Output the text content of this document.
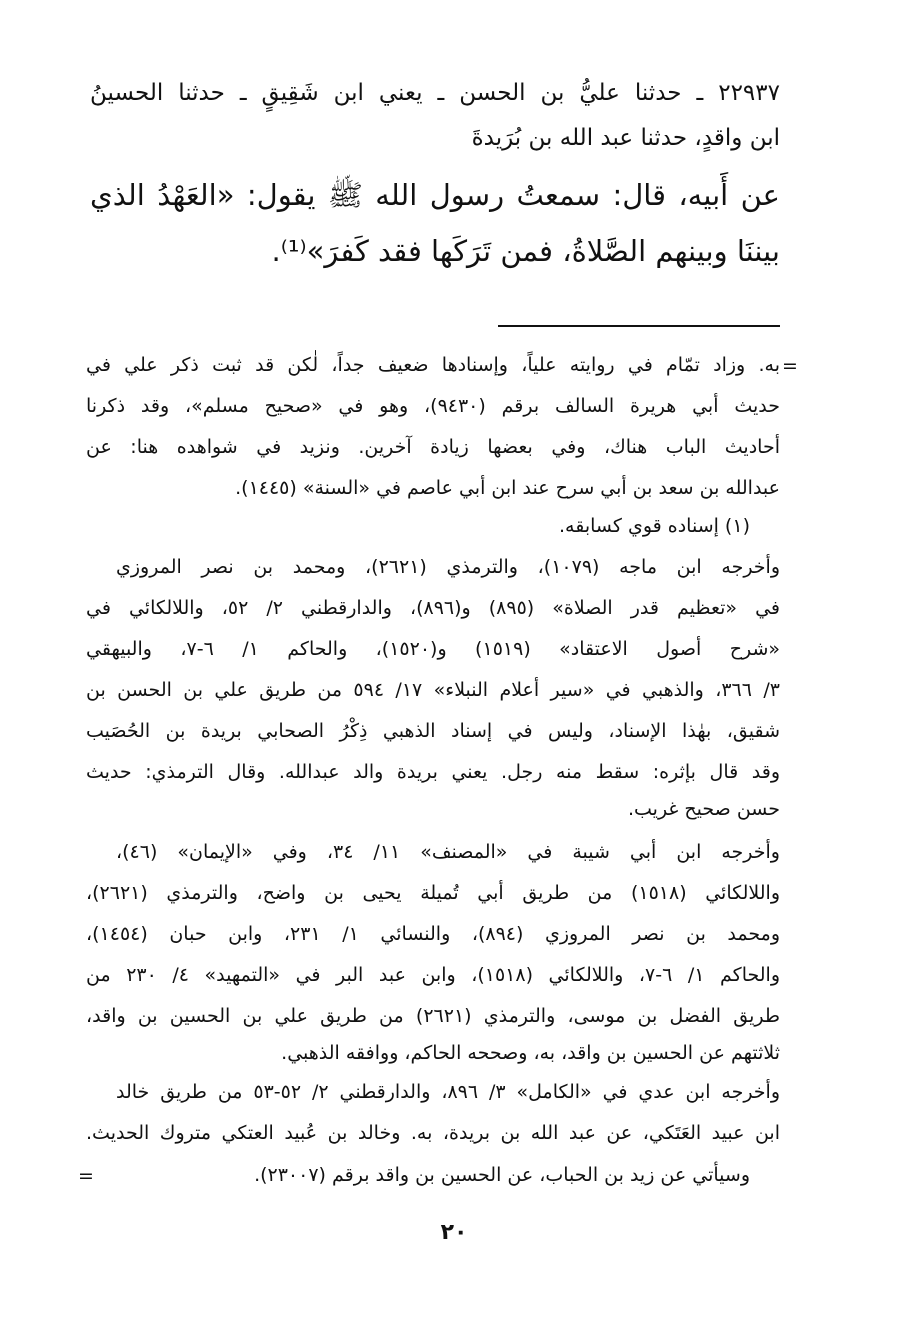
٢٢٩٣٧ ـ حدثنا عليُّ بن الحسن ـ يعني ابن شَقِيقٍ ـ حدثنا الحسينُ
ابن واقدٍ، حدثنا عبد الله بن بُرَيدةَ
عن أَبيه، قال: سمعتُ رسول الله ﷺ يقول: «العَهْدُ الذي
بيننَا وبينهم الصَّلاةُ، فمن تَرَكَها فقد كَفرَ»⁽¹⁾.
=
به. وزاد تمّام في روايته علياً، وإسنادها ضعيف جداً، لٰكن قد ثبت ذكر علي في
حديث أبي هريرة السالف برقم (٩٤٣٠)، وهو في «صحيح مسلم»، وقد ذكرنا
أحاديث الباب هناك، وفي بعضها زيادة آخرين. ونزيد في شواهده هنا: عن
عبدالله بن سعد بن أبي سرح عند ابن أبي عاصم في «السنة» (١٤٤٥).
(١) إسناده قوي كسابقه.
وأخرجه ابن ماجه (١٠٧٩)، والترمذي (٢٦٢١)، ومحمد بن نصر المروزي
في «تعظيم قدر الصلاة» (٨٩٥) و(٨٩٦)، والدارقطني ٢/ ٥٢، واللالكائي في
«شرح أصول الاعتقاد» (١٥١٩) و(١٥٢٠)، والحاكم ١/ ٦-٧، والبيهقي
٣/ ٣٦٦، والذهبي في «سير أعلام النبلاء» ١٧/ ٥٩٤ من طريق علي بن الحسن بن
شقيق، بهٰذا الإسناد، وليس في إسناد الذهبي ذِكْرُ الصحابي بريدة بن الحُصَيب
وقد قال بإثره: سقط منه رجل. يعني بريدة والد عبدالله. وقال الترمذي: حديث
حسن صحيح غريب.
وأخرجه ابن أبي شيبة في «المصنف» ١١/ ٣٤، وفي «الإيمان» (٤٦)،
واللالكائي (١٥١٨) من طريق أبي تُميلة يحيى بن واضح، والترمذي (٢٦٢١)،
ومحمد بن نصر المروزي (٨٩٤)، والنسائي ١/ ٢٣١، وابن حبان (١٤٥٤)،
والحاكم ١/ ٦-٧، واللالكائي (١٥١٨)، وابن عبد البر في «التمهيد» ٤/ ٢٣٠ من
طريق الفضل بن موسى، والترمذي (٢٦٢١) من طريق علي بن الحسين بن واقد،
ثلاثتهم عن الحسين بن واقد، به، وصححه الحاكم، ووافقه الذهبي.
وأخرجه ابن عدي في «الكامل» ٣/ ٨٩٦، والدارقطني ٢/ ٥٢-٥٣ من طريق خالد
ابن عبيد العَتَكي، عن عبد الله بن بريدة، به. وخالد بن عُبيد العتكي متروك الحديث.
وسيأتي عن زيد بن الحباب، عن الحسين بن واقد برقم (٢٣٠٠٧).
=
٢٠
